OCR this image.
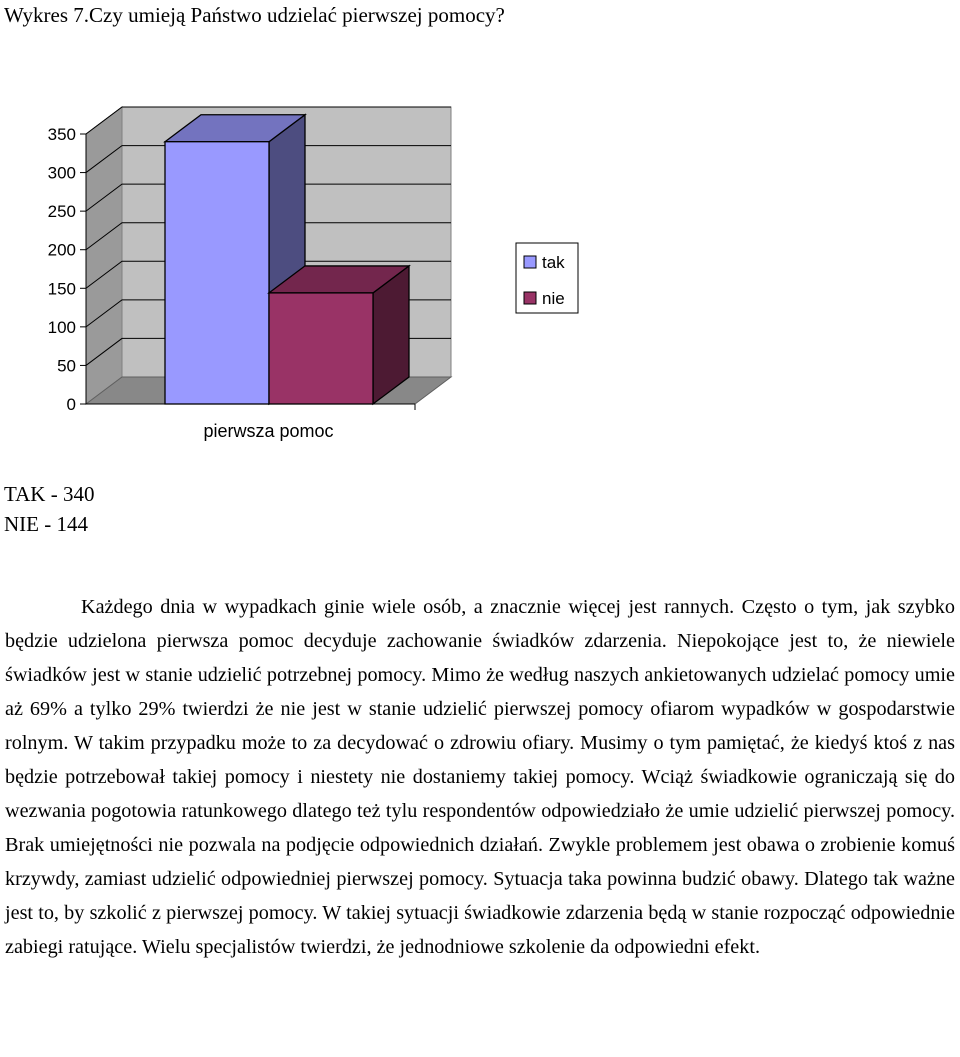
Wykres 7.Czy umieją Państwo udzielać pierwszej pomocy?
0
50
100
150
200
250
300
350
pierwsza pomoc
tak
nie
TAK - 340
NIE - 144

Każdego dnia w wypadkach ginie wiele osób, a znacznie więcej jest rannych. Często o tym, jak szybko będzie udzielona pierwsza pomoc decyduje zachowanie świadków zdarzenia. Niepokojące jest to, że niewiele świadków jest w stanie udzielić potrzebnej pomocy. Mimo że według naszych ankietowanych udzielać pomocy umie aż 69% a tylko 29% twierdzi że nie jest w stanie udzielić pierwszej pomocy ofiarom wypadków w gospodarstwie rolnym. W takim przypadku może to za decydować o zdrowiu ofiary. Musimy o tym pamiętać, że kiedyś ktoś z nas będzie potrzebował takiej pomocy i niestety nie dostaniemy takiej pomocy. Wciąż świadkowie ograniczają się do wezwania pogotowia ratunkowego dlatego też tylu respondentów odpowiedziało że umie udzielić pierwszej pomocy. Brak umiejętności nie pozwala na podjęcie odpowiednich działań. Zwykle problemem jest obawa o zrobienie komuś krzywdy, zamiast udzielić odpowiedniej pierwszej pomocy. Sytuacja taka powinna budzić obawy. Dlatego tak ważne jest to, by szkolić z pierwszej pomocy. W takiej sytuacji świadkowie zdarzenia będą w stanie rozpocząć odpowiednie zabiegi ratujące. Wielu specjalistów twierdzi, że jednodniowe szkolenie da odpowiedni efekt.
